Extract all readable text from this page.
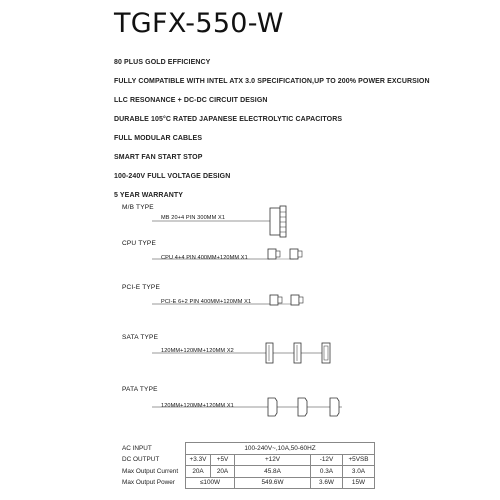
TGFX-550-W
80 PLUS GOLD EFFICIENCY
FULLY COMPATIBLE WITH INTEL ATX 3.0 SPECIFICATION,UP TO 200% POWER EXCURSION
LLC RESONANCE + DC-DC CIRCUIT DESIGN
DURABLE 105°C RATED JAPANESE ELECTROLYTIC CAPACITORS
FULL MODULAR CABLES
SMART FAN START STOP
100-240V FULL VOLTAGE DESIGN
5 YEAR WARRANTY
M/B TYPE
MB 20+4 PIN 300MM X1
CPU TYPE
CPU 4+4 PIN 400MM+120MM X1
PCI-E TYPE
PCI-E 6+2 PIN 400MM+120MM X1
SATA TYPE
120MM+120MM+120MM X2
PATA TYPE
120MM+120MM+120MM X1
AC INPUT	100-240V~,10A,50-60HZ				
DC OUTPUT	+3.3V	+5V	+12V	-12V	+5VSB
Max Output Current	20A	20A	45.8A	0.3A	3.0A
Max Output Power	≤100W		549.6W	3.6W	15W
